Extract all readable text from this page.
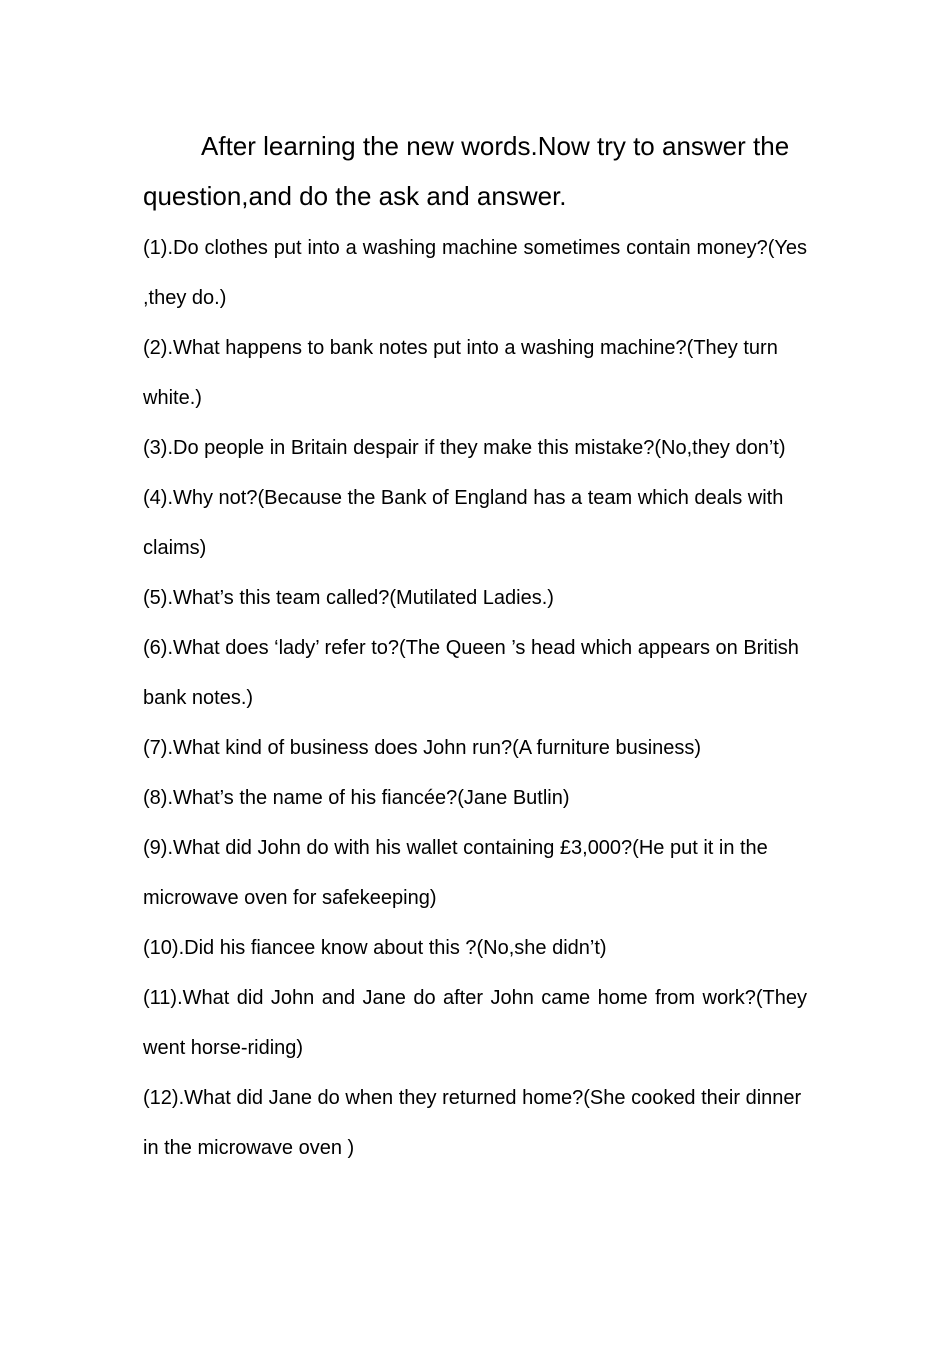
After learning the new words.Now try to answer the question,and do the ask and answer.

(1).Do clothes put into a washing machine sometimes contain money?(Yes ,they do.)
(2).What happens to bank notes put into a washing machine?(They turn white.)
(3).Do people in Britain despair if they make this mistake?(No,they don’t)
(4).Why not?(Because the Bank of England has a team which deals with claims)
(5).What’s this team called?(Mutilated Ladies.)
(6).What does ‘lady’ refer to?(The Queen ’s head which appears on British bank notes.)
(7).What kind of business does John run?(A furniture business)
(8).What’s the name of his fiancée?(Jane Butlin)
(9).What did John do with his wallet containing £3,000?(He put it in the microwave oven for safekeeping)
(10).Did his fiancee know about this ?(No,she didn’t)
(11).What did John and Jane do after John came home from work?(They went horse-riding)
(12).What did Jane do when they returned home?(She cooked their dinner in the microwave oven )
